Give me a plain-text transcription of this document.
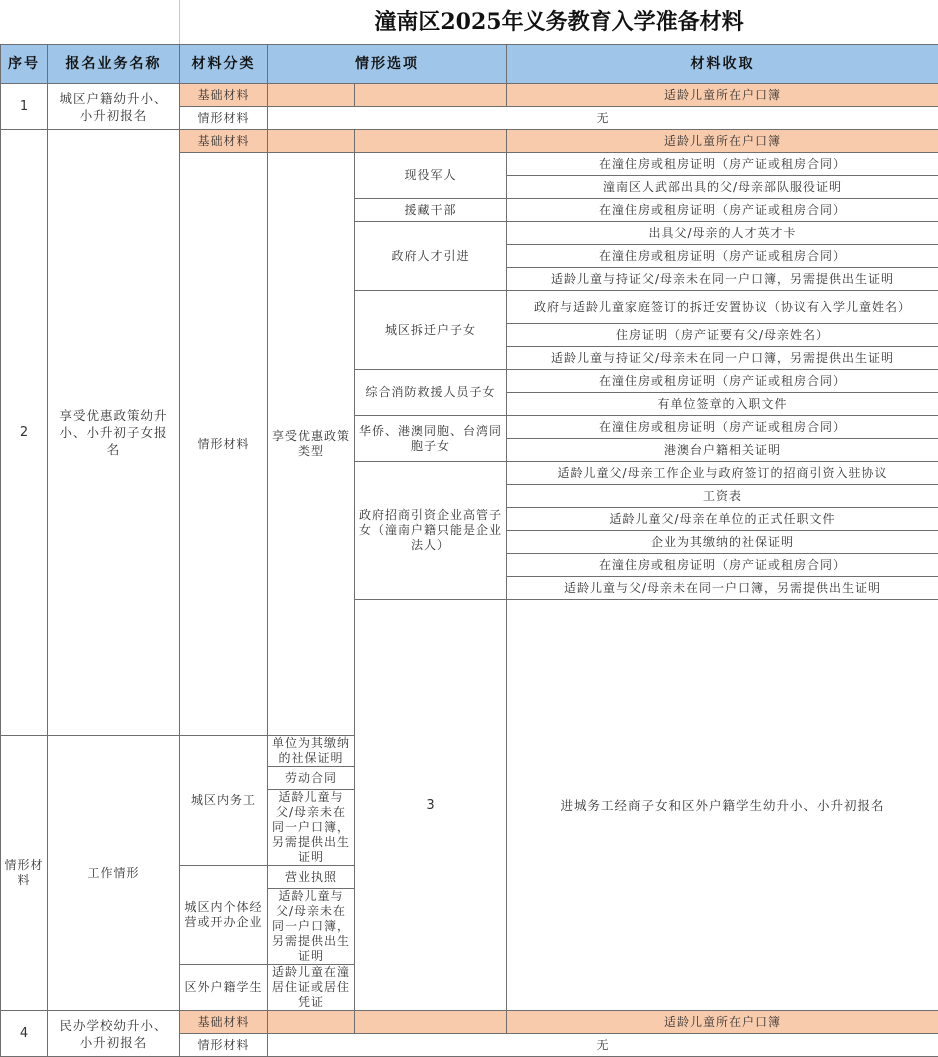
潼南区2025年义务教育入学准备材料
序号	报名业务名称	材料分类	情形选项		材料收取	
1	城区户籍幼升小、小升初报名	基础材料			适龄儿童所在户口簿	
		情形材料	无			
2	享受优惠政策幼升小、小升初子女报名	基础材料			适龄儿童所在户口簿	
		情形材料	享受优惠政策类型	现役军人	在潼住房或租房证明（房产证或租房合同）	
					潼南区人武部出具的父/母亲部队服役证明	
				援藏干部	在潼住房或租房证明（房产证或租房合同）	
				政府人才引进	出具父/母亲的人才英才卡	
					在潼住房或租房证明（房产证或租房合同）	
					适龄儿童与持证父/母亲未在同一户口簿，另需提供出生证明	
				城区拆迁户子女	政府与适龄儿童家庭签订的拆迁安置协议（协议有入学儿童姓名）	
					住房证明（房产证要有父/母亲姓名）	
					适龄儿童与持证父/母亲未在同一户口簿，另需提供出生证明	
				综合消防救援人员子女	在潼住房或租房证明（房产证或租房合同）	
					有单位签章的入职文件	
				华侨、港澳同胞、台湾同胞子女	在潼住房或租房证明（房产证或租房合同）	
					港澳台户籍相关证明	
				政府招商引资企业高管子女（潼南户籍只能是企业法人）	适龄儿童父/母亲工作企业与政府签订的招商引资入驻协议	
					工资表	
					适龄儿童父/母亲在单位的正式任职文件	
					企业为其缴纳的社保证明	
					在潼住房或租房证明（房产证或租房合同）	
					适龄儿童与父/母亲未在同一户口簿，另需提供出生证明	
				3	进城务工经商子女和区外户籍学生幼升小、小升初报名				
情形材料	工作情形	城区内务工	单位为其缴纳的社保证明			
			劳动合同			
			适龄儿童与父/母亲未在同一户口簿，另需提供出生证明			
		城区内个体经营或开办企业	营业执照			
			适龄儿童与父/母亲未在同一户口簿，另需提供出生证明			
		区外户籍学生	适龄儿童在潼居住证或居住凭证			
4	民办学校幼升小、小升初报名	基础材料			适龄儿童所在户口簿	
		情形材料	无			
